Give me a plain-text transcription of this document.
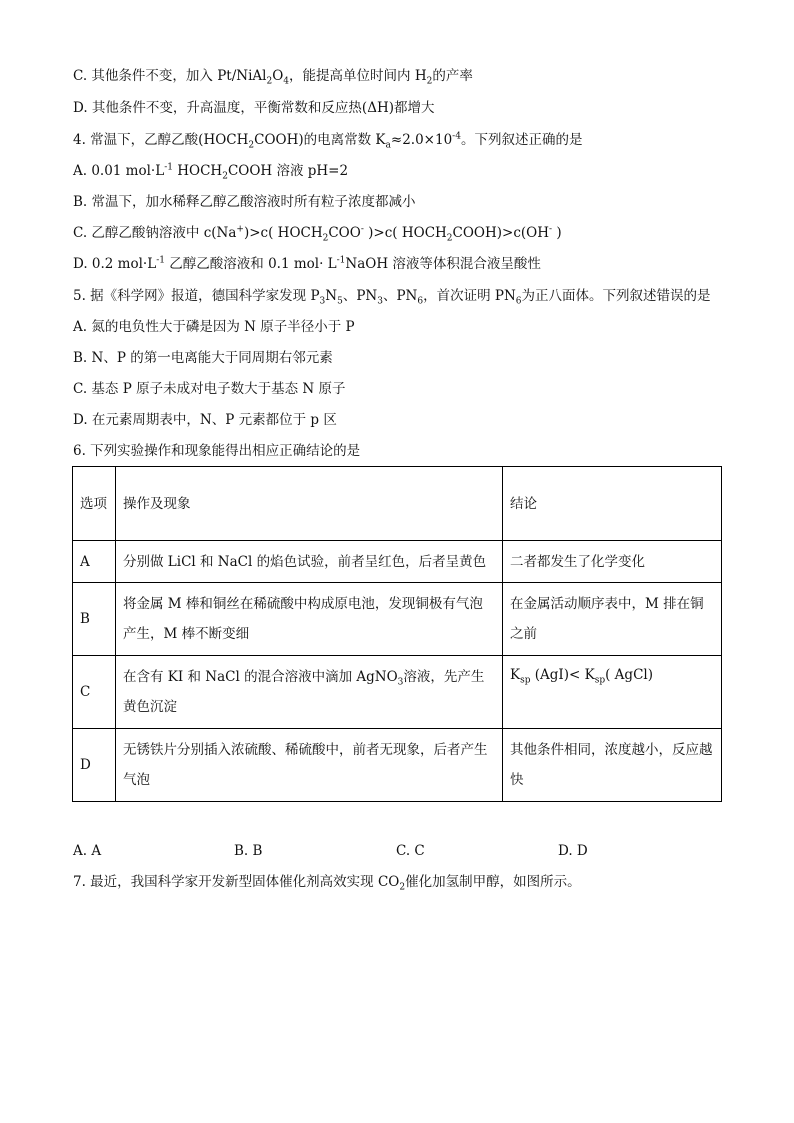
C. 其他条件不变，加入 $Pt/NiAl_2O_4$，能提高单位时间内 $H_2$的产率
D. 其他条件不变，升高温度，平衡常数和反应热(ΔH)都增大
4. 常温下，乙醇乙酸$(HOCH_2COOH)$的电离常数 $K_a\approx 2.0\times 10^{-4}$。下列叙述正确的是
A. 0.01 $mol\cdot L^{-1}$ $HOCH_2COOH$ 溶液 pH=2
B. 常温下，加水稀释乙醇乙酸溶液时所有粒子浓度都减小
C. 乙醇乙酸钠溶液中 c(Na+)>c( $HOCH_2COO^-$ )>c( $HOCH_2COOH)>c(OH^-$ )
D. 0.2 $mol\cdot L^{-1}$ 乙醇乙酸溶液和 0.1 $mol\cdot L^{-1}NaOH$ 溶液等体积混合液呈酸性
5. 据《科学网》报道，德国科学家发现 $P_3N_5$、$PN_3$、$PN_6$，首次证明 $PN_6$为正八面体。下列叙述错误的是
A. 氮的电负性大于磷是因为 N 原子半径小于 P
B. N、P 的第一电离能大于同周期右邻元素
C. 基态 P 原子未成对电子数大于基态 N 原子
D. 在元素周期表中，N、P 元素都位于 p 区
6. 下列实验操作和现象能得出相应正确结论的是
选项	操作及现象	结论
A	分别做 LiCl 和 NaCl 的焰色试验，前者呈红色，后者呈黄色	二者都发生了化学变化
B	将金属 M 棒和铜丝在稀硫酸中构成原电池，发现铜极有气泡产生，M 棒不断变细	在金属活动顺序表中，M 排在铜之前
C	在含有 KI 和 NaCl 的混合溶液中滴加 AgNO$_3$溶液，先产生黄色沉淀	$K_{sp}$ $(AgI)< K_{sp}$( AgCl)
D	无锈铁片分别插入浓硫酸、稀硫酸中，前者无现象，后者产生气泡	其他条件相同，浓度越小，反应越快
A. A	B. B	C. C	D. D
7. 最近，我国科学家开发新型固体催化剂高效实现 $CO_2$催化加氢制甲醇，如图所示。
